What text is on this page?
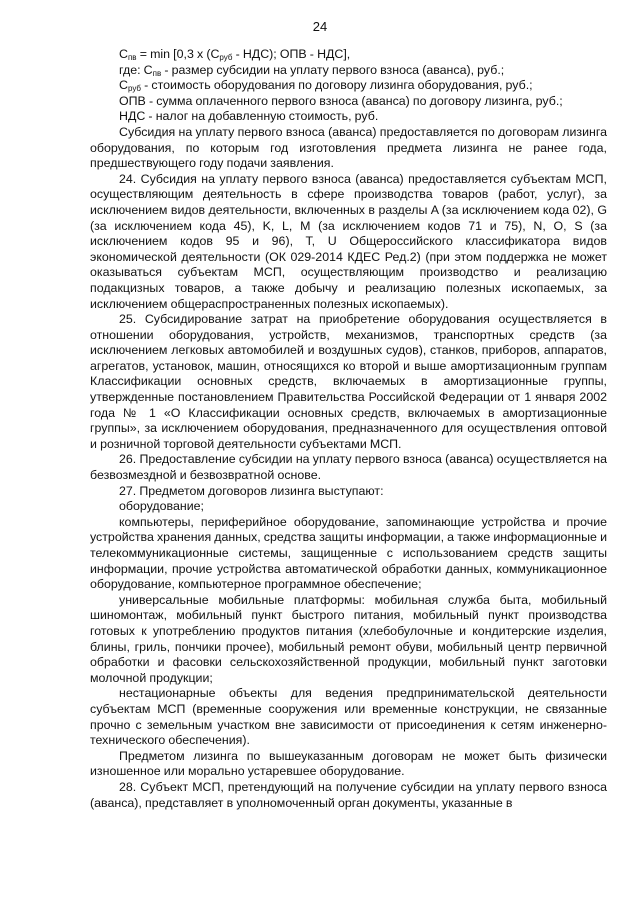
24

$С_{пв} = \min [0,3$ x $(С_{руб} - НДС)$; ОПВ - НДС],

где: $С_{пв}$ - размер субсидии на уплату первого взноса (аванса), руб.;

$С_{руб}$ - стоимость оборудования по договору лизинга оборудования, руб.;

ОПВ - сумма оплаченного первого взноса (аванса) по договору лизинга, руб.;

НДС - налог на добавленную стоимость, руб.

Субсидия на уплату первого взноса (аванса) предоставляется по договорам лизинга оборудования, по которым год изготовления предмета лизинга не ранее года, предшествующего году подачи заявления.

24. Субсидия на уплату первого взноса (аванса) предоставляется субъектам МСП, осуществляющим деятельность в сфере производства товаров (работ, услуг), за исключением видов деятельности, включенных в разделы A (за исключением кода 02), G (за исключением кода 45), K, L, M (за исключением кодов 71 и 75), N, O, S (за исключением кодов 95 и 96), T, U Общероссийского классификатора видов экономической деятельности (ОК 029-2014 КДЕС Ред.2) (при этом поддержка не может оказываться субъектам МСП, осуществляющим производство и реализацию подакцизных товаров, а также добычу и реализацию полезных ископаемых, за исключением общераспространенных полезных ископаемых).

25. Субсидирование затрат на приобретение оборудования осуществляется в отношении оборудования, устройств, механизмов, транспортных средств (за исключением легковых автомобилей и воздушных судов), станков, приборов, аппаратов, агрегатов, установок, машин, относящихся ко второй и выше амортизационным группам Классификации основных средств, включаемых в амортизационные группы, утвержденные постановлением Правительства Российской Федерации от 1 января 2002 года № 1 «О Классификации основных средств, включаемых в амортизационные группы», за исключением оборудования, предназначенного для осуществления оптовой и розничной торговой деятельности субъектами МСП.

26. Предоставление субсидии на уплату первого взноса (аванса) осуществляется на безвозмездной и безвозвратной основе.

27. Предметом договоров лизинга выступают:

оборудование;

компьютеры, периферийное оборудование, запоминающие устройства и прочие устройства хранения данных, средства защиты информации, а также информационные и телекоммуникационные системы, защищенные с использованием средств защиты информации, прочие устройства автоматической обработки данных, коммуникационное оборудование, компьютерное программное обеспечение;

универсальные мобильные платформы: мобильная служба быта, мобильный шиномонтаж, мобильный пункт быстрого питания, мобильный пункт производства готовых к употреблению продуктов питания (хлебобулочные и кондитерские изделия, блины, гриль, пончики прочее), мобильный ремонт обуви, мобильный центр первичной обработки и фасовки сельскохозяйственной продукции, мобильный пункт заготовки молочной продукции;

нестационарные объекты для ведения предпринимательской деятельности субъектам МСП (временные сооружения или временные конструкции, не связанные прочно с земельным участком вне зависимости от присоединения к сетям инженерно-технического обеспечения).

Предметом лизинга по вышеуказанным договорам не может быть физически изношенное или морально устаревшее оборудование.

28. Субъект МСП, претендующий на получение субсидии на уплату первого взноса (аванса), представляет в уполномоченный орган документы, указанные в
